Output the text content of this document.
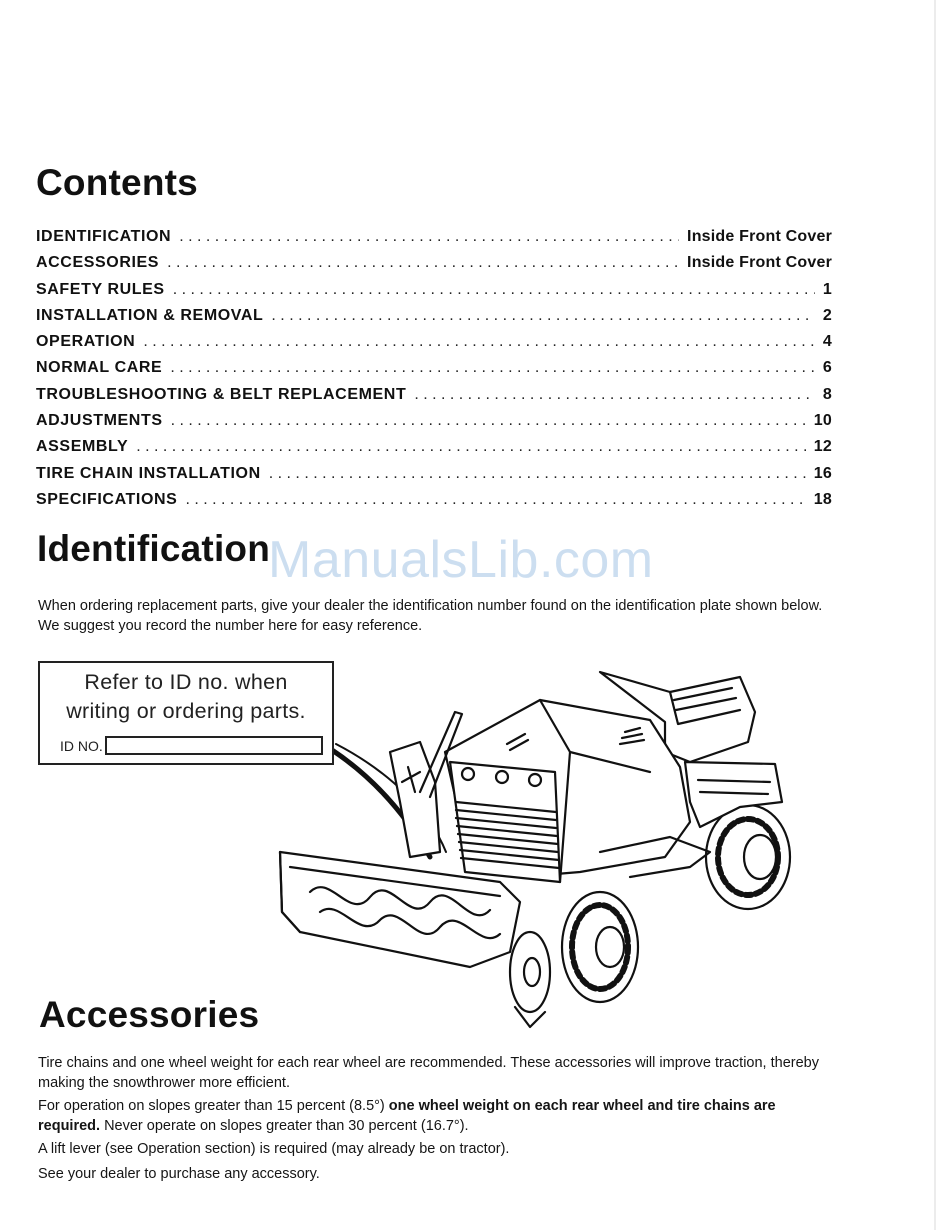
Contents
IDENTIFICATION . . .	Inside Front Cover
ACCESSORIES . . .	Inside Front Cover
SAFETY RULES . . .	1
INSTALLATION & REMOVAL . . .	2
OPERATION . . .	4
NORMAL CARE . . .	6
TROUBLESHOOTING & BELT REPLACEMENT . . .	8
ADJUSTMENTS . . .	10
ASSEMBLY . . .	12
TIRE CHAIN INSTALLATION . . .	16
SPECIFICATIONS . . .	18
Identification
ManualsLib.com

When ordering replacement parts, give your dealer the identification number found on the identification plate shown below. We suggest you record the number here for easy reference.

Refer to ID no. when
writing or ordering parts.
ID NO.
Accessories

Tire chains and one wheel weight for each rear wheel are recommended. These accessories will improve traction, thereby making the snowthrower more efficient.

For operation on slopes greater than 15 percent (8.5°) one wheel weight on each rear wheel and tire chains are required. Never operate on slopes greater than 30 percent (16.7°).

A lift lever (see Operation section) is required (may already be on tractor).

See your dealer to purchase any accessory.
